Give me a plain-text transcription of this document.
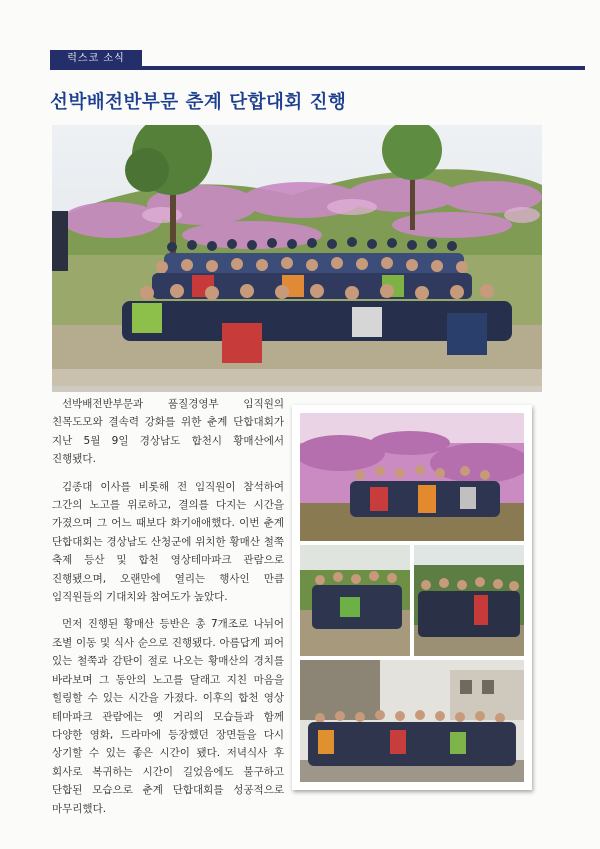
럭스코 소식
선박배전반부문 춘계 단합대회 진행

선박배전반부문과 품질경영부 임직원의 친목도모와 결속력 강화를 위한 춘계 단합대회가 지난 5월 9일 경상남도 합천시 황매산에서 진행됐다.

김종대 이사를 비롯해 전 임직원이 참석하여 그간의 노고를 위로하고, 결의를 다지는 시간을 가졌으며 그 어느 때보다 화기애애했다. 이번 춘계 단합대회는 경상남도 산청군에 위치한 황매산 철쭉 축제 등산 및 합천 영상테마파크 관람으로 진행됐으며, 오랜만에 열리는 행사인 만큼 임직원들의 기대치와 참여도가 높았다.

먼저 진행된 황매산 등반은 총 7개조로 나뉘어 조별 이동 및 식사 순으로 진행됐다. 아름답게 피어 있는 철쭉과 감탄이 절로 나오는 황매산의 경치를 바라보며 그 동안의 노고를 달래고 지친 마음을 힐링할 수 있는 시간을 가졌다. 이후의 합천 영상 테마파크 관람에는 옛 거리의 모습들과 함께 다양한 영화, 드라마에 등장했던 장면들을 다시 상기할 수 있는 좋은 시간이 됐다. 저녁식사 후 회사로 복귀하는 시간이 길었음에도 불구하고 단합된 모습으로 춘계 단합대회를 성공적으로 마무리했다.
